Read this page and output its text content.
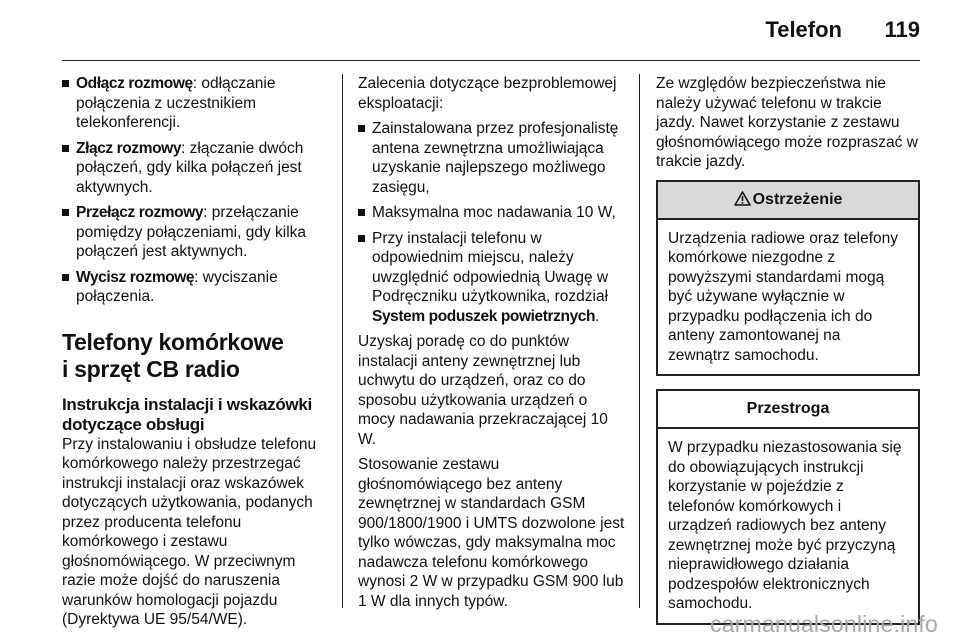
Telefon 119
Odłącz rozmowę: odłączanie połączenia z uczestnikiem telekonferencji.
Złącz rozmowy: złączanie dwóch połączeń, gdy kilka połączeń jest aktywnych.
Przełącz rozmowy: przełączanie pomiędzy połączeniami, gdy kilka połączeń jest aktywnych.
Wycisz rozmowę: wyciszanie połączenia.
Telefony komórkowe
i sprzęt CB radio
Instrukcja instalacji i wskazówki dotyczące obsługi

Przy instalowaniu i obsłudze telefonu komórkowego należy przestrzegać instrukcji instalacji oraz wskazówek dotyczących użytkowania, podanych przez producenta telefonu komórkowego i zestawu głośnomówiącego. W przeciwnym razie może dojść do naruszenia warunków homologacji pojazdu (Dyrektywa UE 95/54/WE).

Zalecenia dotyczące bezproblemowej eksploatacji:

Zainstalowana przez profesjonalistę antena zewnętrzna umożliwiająca uzyskanie najlepszego możliwego zasięgu,
Maksymalna moc nadawania 10 W,
Przy instalacji telefonu w odpowiednim miejscu, należy uwzględnić odpowiednią Uwagę w Podręczniku użytkownika, rozdział System poduszek powietrznych.

Uzyskaj poradę co do punktów instalacji anteny zewnętrznej lub uchwytu do urządzeń, oraz co do sposobu użytkowania urządzeń o mocy nadawania przekraczającej 10 W.

Stosowanie zestawu głośnomówiącego bez anteny zewnętrznej w standardach GSM 900/1800/1900 i UMTS dozwolone jest tylko wówczas, gdy maksymalna moc nadawcza telefonu komórkowego wynosi 2 W w przypadku GSM 900 lub 1 W dla innych typów.

Ze względów bezpieczeństwa nie należy używać telefonu w trakcie jazdy. Nawet korzystanie z zestawu głośnomówiącego może rozpraszać w trakcie jazdy.

Ostrzeżenie
Urządzenia radiowe oraz telefony komórkowe niezgodne z powyższymi standardami mogą być używane wyłącznie w przypadku podłączenia ich do anteny zamontowanej na zewnątrz samochodu.
Przestroga
W przypadku niezastosowania się do obowiązujących instrukcji korzystanie w pojeździe z telefonów komórkowych i urządzeń radiowych bez anteny zewnętrznej może być przyczyną nieprawidłowego działania podzespołów elektronicznych samochodu.
carmanualsonline.info
